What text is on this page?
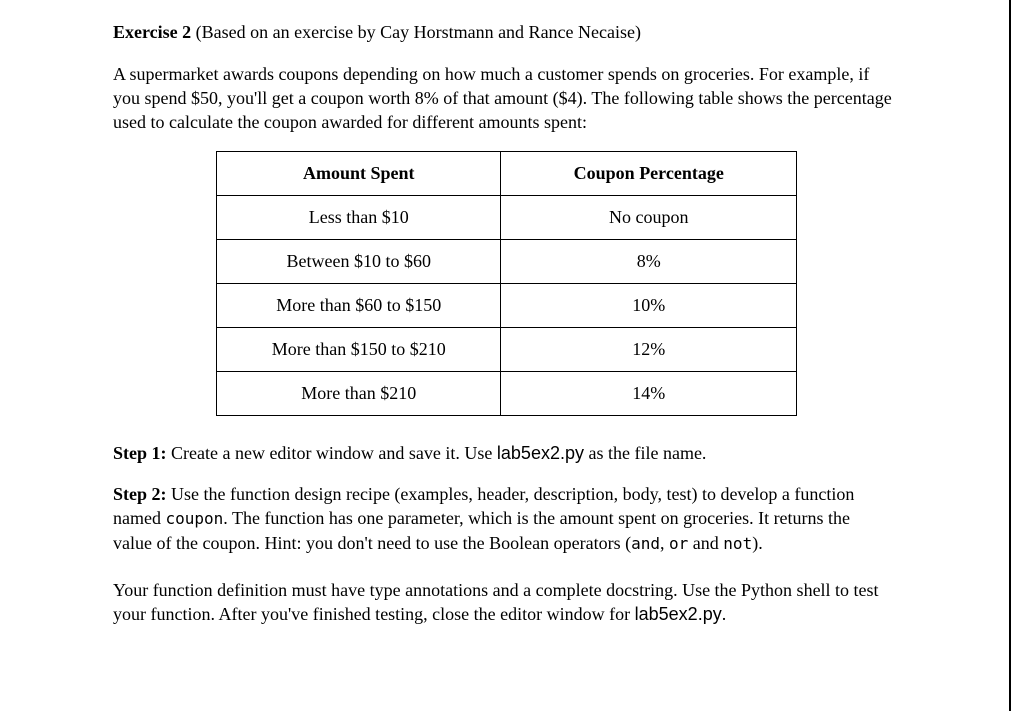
Exercise 2 (Based on an exercise by Cay Horstmann and Rance Necaise)

A supermarket awards coupons depending on how much a customer spends on groceries. For example, if you spend $50, you'll get a coupon worth 8% of that amount ($4). The following table shows the percentage used to calculate the coupon awarded for different amounts spent:

Amount Spent	Coupon Percentage
Less than $10	No coupon
Between $10 to $60	8%
More than $60 to $150	10%
More than $150 to $210	12%
More than $210	14%

Step 1: Create a new editor window and save it. Use lab5ex2.py as the file name.

Step 2: Use the function design recipe (examples, header, description, body, test) to develop a function named coupon. The function has one parameter, which is the amount spent on groceries. It returns the value of the coupon. Hint: you don't need to use the Boolean operators (and, or and not).

Your function definition must have type annotations and a complete docstring. Use the Python shell to test your function. After you've finished testing, close the editor window for lab5ex2.py.
